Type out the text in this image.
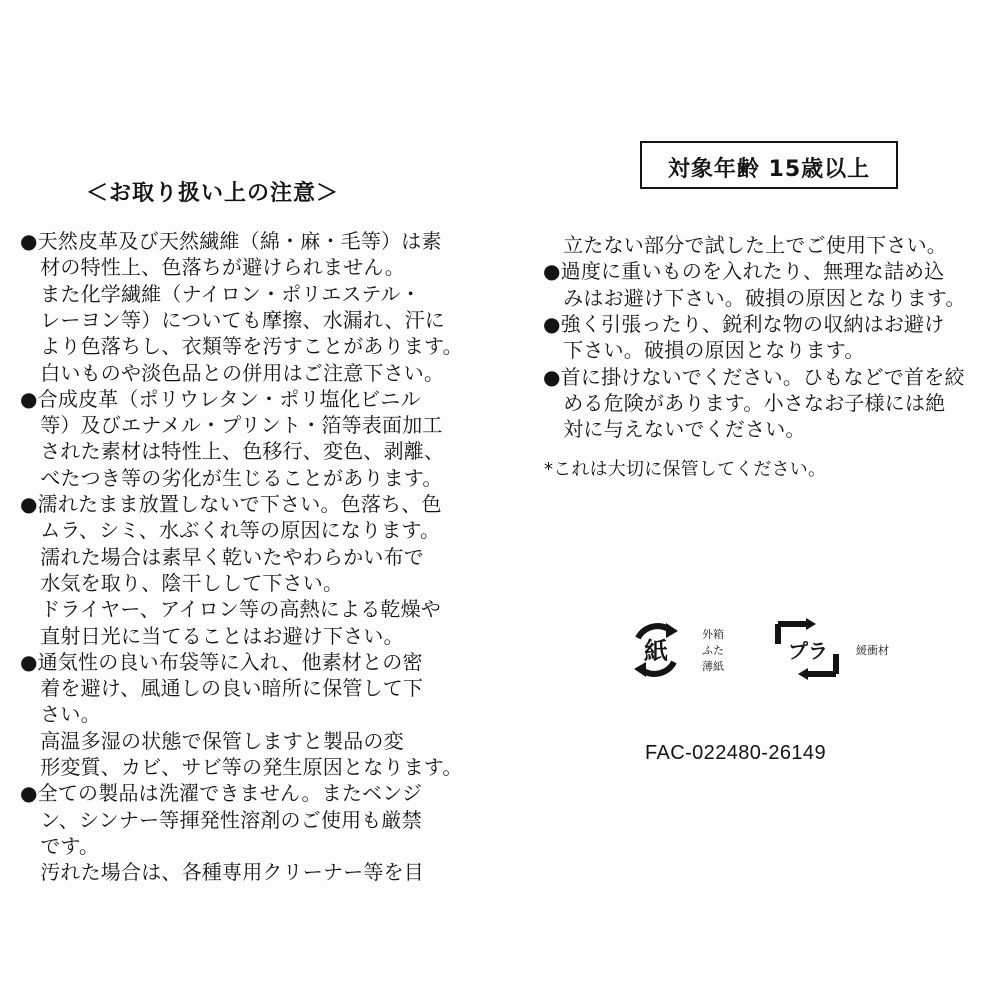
＜お取り扱い上の注意＞
●天然皮革及び天然繊維（綿・麻・毛等）は素
　材の特性上、色落ちが避けられません。
　また化学繊維（ナイロン・ポリエステル・
　レーヨン等）についても摩擦、水漏れ、汗に
　より色落ちし、衣類等を汚すことがあります。
　白いものや淡色品との併用はご注意下さい。
●合成皮革（ポリウレタン・ポリ塩化ビニル
　等）及びエナメル・プリント・箔等表面加工
　された素材は特性上、色移行、変色、剥離、
　べたつき等の劣化が生じることがあります。
●濡れたまま放置しないで下さい。色落ち、色
　ムラ、シミ、水ぶくれ等の原因になります。
　濡れた場合は素早く乾いたやわらかい布で
　水気を取り、陰干しして下さい。
　ドライヤー、アイロン等の高熱による乾燥や
　直射日光に当てることはお避け下さい。
●通気性の良い布袋等に入れ、他素材との密
　着を避け、風通しの良い暗所に保管して下
　さい。
　高温多湿の状態で保管しますと製品の変
　形変質、カビ、サビ等の発生原因となります。
●全ての製品は洗濯できません。またベンジ
　ン、シンナー等揮発性溶剤のご使用も厳禁
　です。
　汚れた場合は、各種専用クリーナー等を目
対象年齢 15歳以上
　立たない部分で試した上でご使用下さい。
●過度に重いものを入れたり、無理な詰め込
　みはお避け下さい。破損の原因となります。
●強く引張ったり、鋭利な物の収納はお避け
　下さい。破損の原因となります。
●首に掛けないでください。ひもなどで首を絞
　める危険があります。小さなお子様には絶
　対に与えないでください。
*これは大切に保管してください。
紙
外箱
ふた
薄紙
プラ	緩衝材
FAC-022480-26149
